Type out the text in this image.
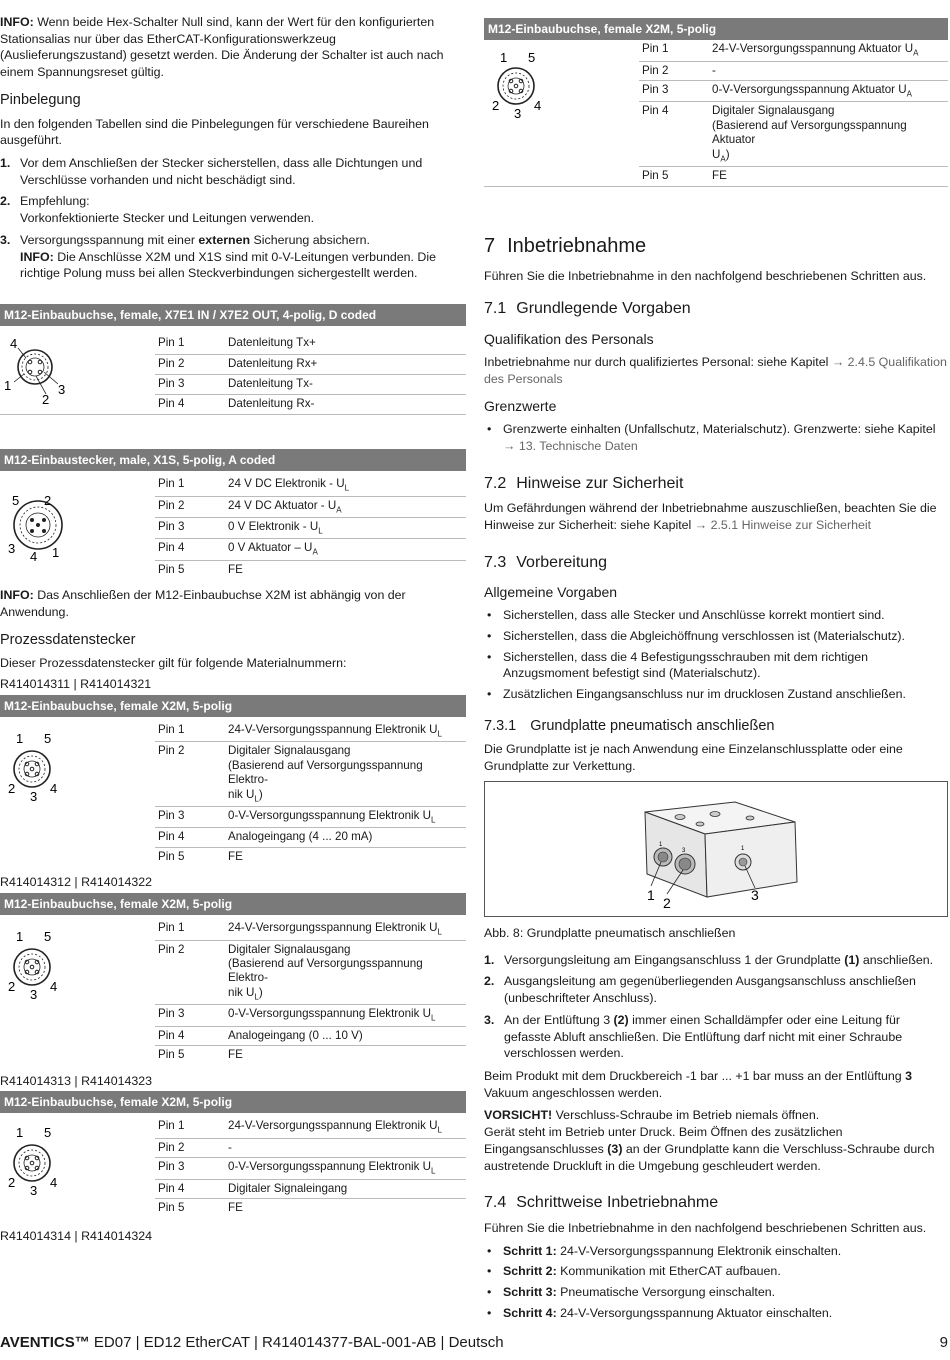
INFO: Wenn beide Hex-Schalter Null sind, kann der Wert für den konfigurierten Stationsalias nur über das EtherCAT-Konfigurationswerkzeug (Auslieferungszustand) gesetzt werden. Die Änderung der Schalter ist auch nach einem Spannungsreset gültig.

Pinbelegung

In den folgenden Tabellen sind die Pinbelegungen für verschiedene Baureihen ausgeführt.

1. Vor dem Anschließen der Stecker sicherstellen, dass alle Dichtungen und Verschlüsse vorhanden und nicht beschädigt sind.
2. Empfehlung:
Vorkonfektionierte Stecker und Leitungen verwenden.
3. Versorgungsspannung mit einer externen Sicherung absichern.
INFO: Die Anschlüsse X2M und X1S sind mit 0-V-Leitungen verbunden. Die richtige Polung muss bei allen Steckverbindungen sichergestellt werden.
M12-Einbaubuchse, female, X7E1 IN / X7E2 OUT, 4-polig, D coded
4
1
2
3
Pin 1	Datenleitung Tx+
Pin 2	Datenleitung Rx+
Pin 3	Datenleitung Tx-
Pin 4	Datenleitung Rx-
M12-Einbaustecker, male, X1S, 5-polig, A coded
5 2
3
4 1
Pin 1	24 V DC Elektronik - $U_L$
Pin 2	24 V DC Aktuator - $U_A$
Pin 3	0 V Elektronik - $U_L$
Pin 4	0 V Aktuator – $U_A$
Pin 5	FE

INFO: Das Anschließen der M12-Einbaubuchse X2M ist abhängig von der Anwendung.

Prozessdatenstecker

Dieser Prozessdatenstecker gilt für folgende Materialnummern:

R414014311 | R414014321
M12-Einbaubuchse, female X2M, 5-polig
1 5
2	4
3
Pin 1	24-V-Versorgungsspannung Elektronik $U_L$
Pin 2	Digitaler Signalausgang
(Basierend auf Versorgungsspannung Elektro-
nik $U_L$)
Pin 3	0-V-Versorgungsspannung Elektronik $U_L$
Pin 4	Analogeingang (4 ... 20 mA)
Pin 5	FE
R414014312 | R414014322
M12-Einbaubuchse, female X2M, 5-polig
1 5
2	4
3
Pin 1	24-V-Versorgungsspannung Elektronik $U_L$
Pin 2	Digitaler Signalausgang
(Basierend auf Versorgungsspannung Elektro-
nik $U_L$)
Pin 3	0-V-Versorgungsspannung Elektronik $U_L$
Pin 4	Analogeingang (0 ... 10 V)
Pin 5	FE
R414014313 | R414014323
M12-Einbaubuchse, female X2M, 5-polig
1 5
2	4
3
Pin 1	24-V-Versorgungsspannung Elektronik $U_L$
Pin 2	-
Pin 3	0-V-Versorgungsspannung Elektronik $U_L$
Pin 4	Digitaler Signaleingang
Pin 5	FE
R414014314 | R414014324
M12-Einbaubuchse, female X2M, 5-polig
1 5
2	4
3
Pin 1	24-V-Versorgungsspannung Aktuator $U_A$
Pin 2	-
Pin 3	0-V-Versorgungsspannung Aktuator $U_A$
Pin 4	Digitaler Signalausgang
(Basierend auf Versorgungsspannung Aktuator
$U_A$)
Pin 5	FE
7 Inbetriebnahme

Führen Sie die Inbetriebnahme in den nachfolgend beschriebenen Schritten aus.

7.1 Grundlegende Vorgaben
Qualifikation des Personals

Inbetriebnahme nur durch qualifiziertes Personal: siehe Kapitel → 2.4.5 Qualifikation des Personals

Grenzwerte
• Grenzwerte einhalten (Unfallschutz, Materialschutz). Grenzwerte: siehe Kapitel → 13. Technische Daten
7.2 Hinweise zur Sicherheit

Um Gefährdungen während der Inbetriebnahme auszuschließen, beachten Sie die Hinweise zur Sicherheit: siehe Kapitel → 2.5.1 Hinweise zur Sicherheit

7.3 Vorbereitung
Allgemeine Vorgaben
• Sicherstellen, dass alle Stecker und Anschlüsse korrekt montiert sind.
• Sicherstellen, dass die Abgleichöffnung verschlossen ist (Materialschutz).
• Sicherstellen, dass die 4 Befestigungsschrauben mit dem richtigen Anzugsmoment befestigt sind (Materialschutz).
• Zusätzlichen Eingangsanschluss nur im drucklosen Zustand anschließen.
7.3.1 Grundplatte pneumatisch anschließen

Die Grundplatte ist je nach Anwendung eine Einzelanschlussplatte oder eine Grundplatte zur Verkettung.

1
3	1
1 2	3

Abb. 8: Grundplatte pneumatisch anschließen

1. Versorgungsleitung am Eingangsanschluss 1 der Grundplatte (1) anschließen.
2. Ausgangsleitung am gegenüberliegenden Ausgangsanschluss anschließen (unbeschrifteter Anschluss).
3. An der Entlüftung 3 (2) immer einen Schalldämpfer oder eine Leitung für gefasste Abluft anschließen. Die Entlüftung darf nicht mit einer Schraube verschlossen werden.

Beim Produkt mit dem Druckbereich -1 bar ... +1 bar muss an der Entlüftung 3 Vakuum angeschlossen werden.

VORSICHT! Verschluss-Schraube im Betrieb niemals öffnen.
Gerät steht im Betrieb unter Druck. Beim Öffnen des zusätzlichen Eingangsanschlusses (3) an der Grundplatte kann die Verschluss-Schraube durch austretende Druckluft in die Umgebung geschleudert werden.

7.4 Schrittweise Inbetriebnahme

Führen Sie die Inbetriebnahme in den nachfolgend beschriebenen Schritten aus.

• Schritt 1: 24-V-Versorgungsspannung Elektronik einschalten.
• Schritt 2: Kommunikation mit EtherCAT aufbauen.
• Schritt 3: Pneumatische Versorgung einschalten.
• Schritt 4: 24-V-Versorgungsspannung Aktuator einschalten.
AVENTICS™ ED07 | ED12 EtherCAT | R414014377-BAL-001-AB | Deutsch	9
